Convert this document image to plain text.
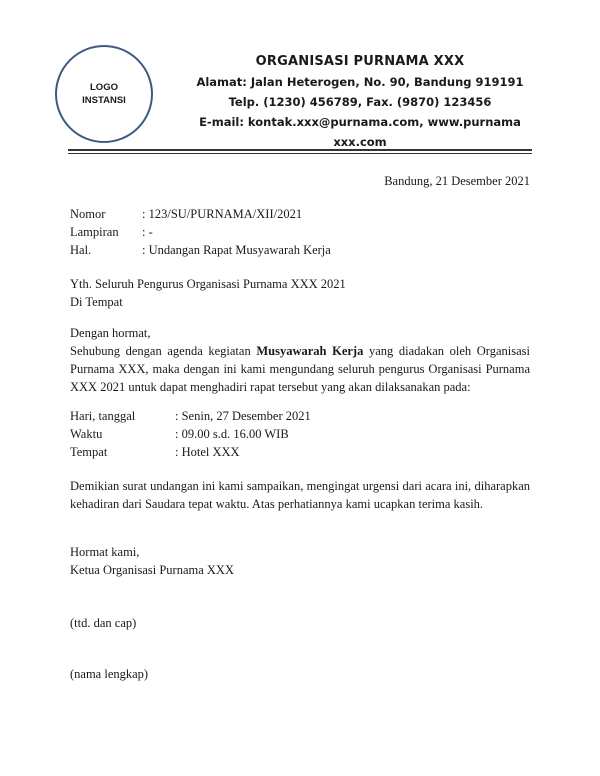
LOGO
INSTANSI
ORGANISASI PURNAMA XXX
Alamat: Jalan Heterogen, No. 90, Bandung 919191
Telp. (1230) 456789, Fax. (9870) 123456
E-mail: kontak.xxx@purnama.com, www.purnama xxx.com
Bandung, 21 Desember 2021
Nomor	: 123/SU/PURNAMA/XII/2021
Lampiran	: -
Hal.	: Undangan Rapat Musyawarah Kerja
Yth. Seluruh Pengurus Organisasi Purnama XXX 2021
Di Tempat
Dengan hormat,
Sehubung dengan agenda kegiatan Musyawarah Kerja yang diadakan oleh Organisasi Purnama XXX, maka dengan ini kami mengundang seluruh pengurus Organisasi Purnama XXX 2021 untuk dapat menghadiri rapat tersebut yang akan dilaksanakan pada:
Hari, tanggal	: Senin, 27 Desember 2021
Waktu	: 09.00 s.d. 16.00 WIB
Tempat	: Hotel XXX
Demikian surat undangan ini kami sampaikan, mengingat urgensi dari acara ini, diharapkan kehadiran dari Saudara tepat waktu. Atas perhatiannya kami ucapkan terima kasih.
Hormat kami,
Ketua Organisasi Purnama XXX
(ttd. dan cap)
(nama lengkap)
